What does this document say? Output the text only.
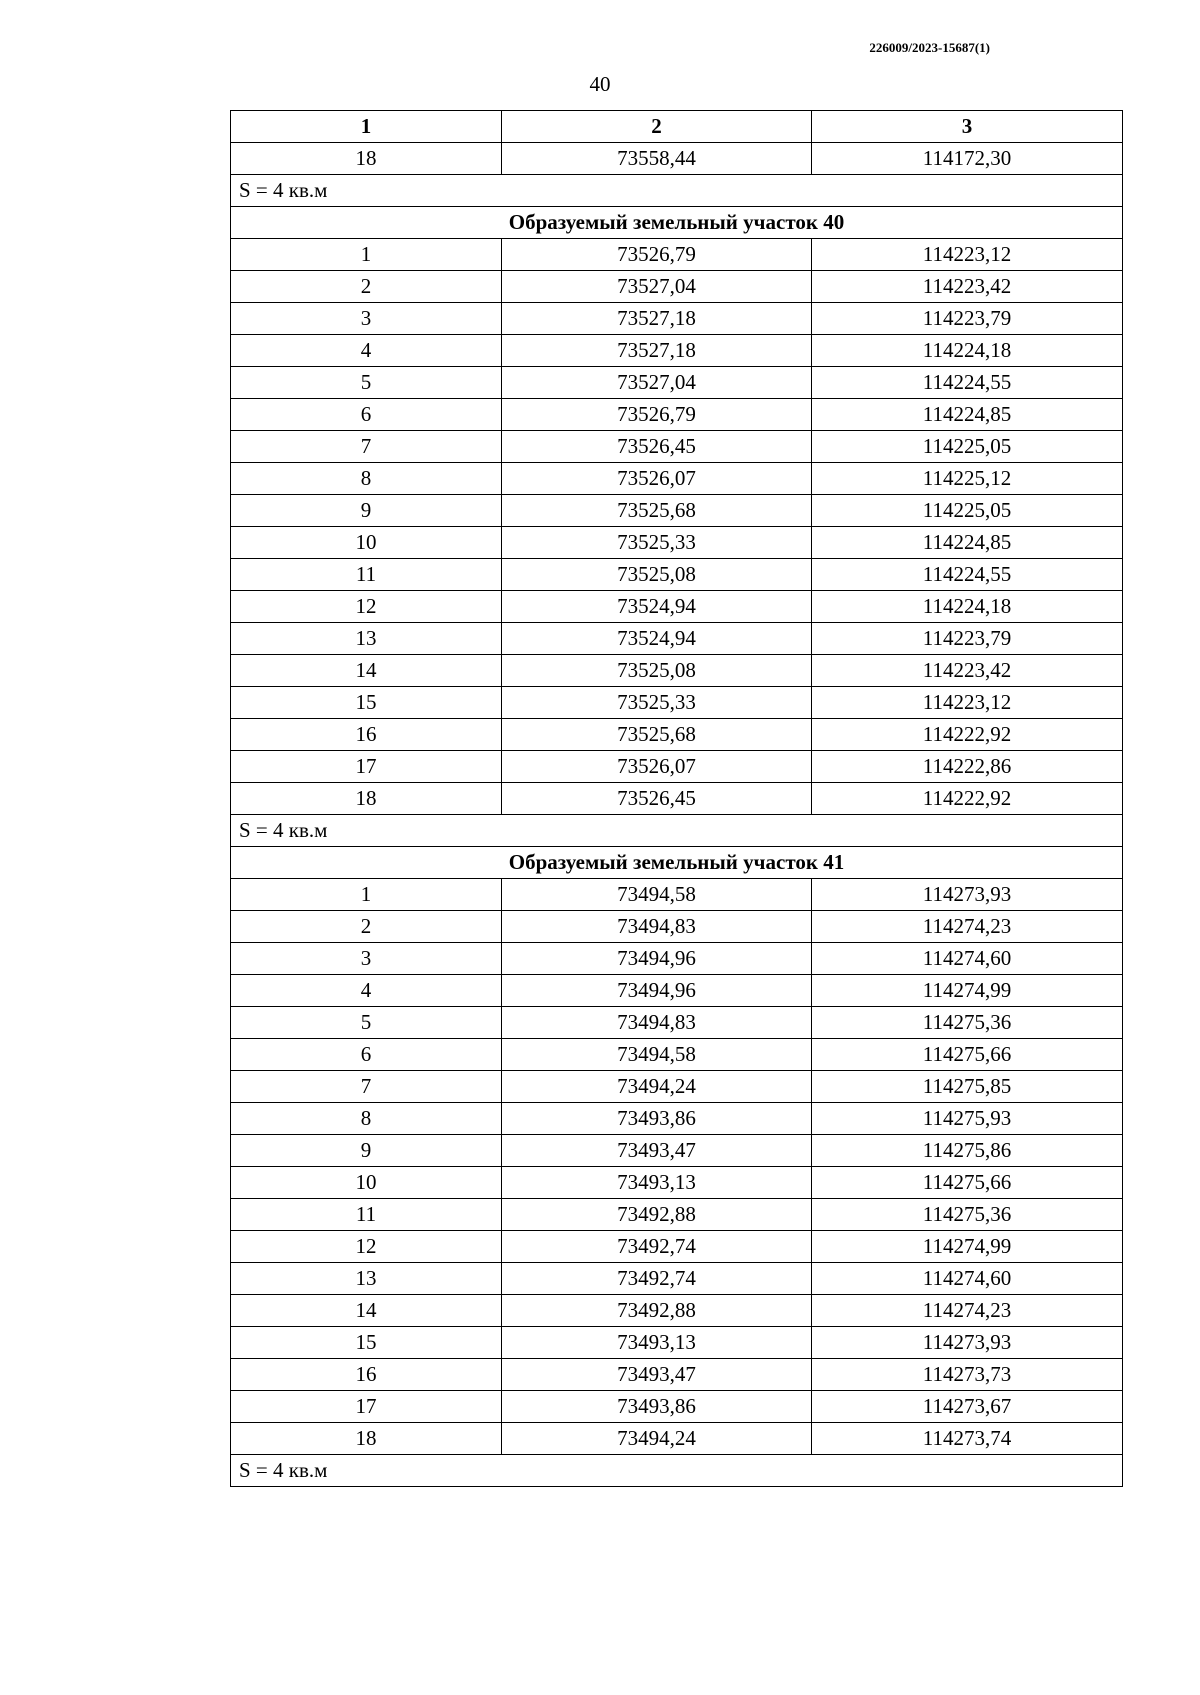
226009/2023-15687(1)
40
1	2	3
18	73558,44	114172,30
S = 4 кв.м		
Образуемый земельный участок 40		
1	73526,79	114223,12
2	73527,04	114223,42
3	73527,18	114223,79
4	73527,18	114224,18
5	73527,04	114224,55
6	73526,79	114224,85
7	73526,45	114225,05
8	73526,07	114225,12
9	73525,68	114225,05
10	73525,33	114224,85
11	73525,08	114224,55
12	73524,94	114224,18
13	73524,94	114223,79
14	73525,08	114223,42
15	73525,33	114223,12
16	73525,68	114222,92
17	73526,07	114222,86
18	73526,45	114222,92
S = 4 кв.м		
Образуемый земельный участок 41		
1	73494,58	114273,93
2	73494,83	114274,23
3	73494,96	114274,60
4	73494,96	114274,99
5	73494,83	114275,36
6	73494,58	114275,66
7	73494,24	114275,85
8	73493,86	114275,93
9	73493,47	114275,86
10	73493,13	114275,66
11	73492,88	114275,36
12	73492,74	114274,99
13	73492,74	114274,60
14	73492,88	114274,23
15	73493,13	114273,93
16	73493,47	114273,73
17	73493,86	114273,67
18	73494,24	114273,74
S = 4 кв.м		
